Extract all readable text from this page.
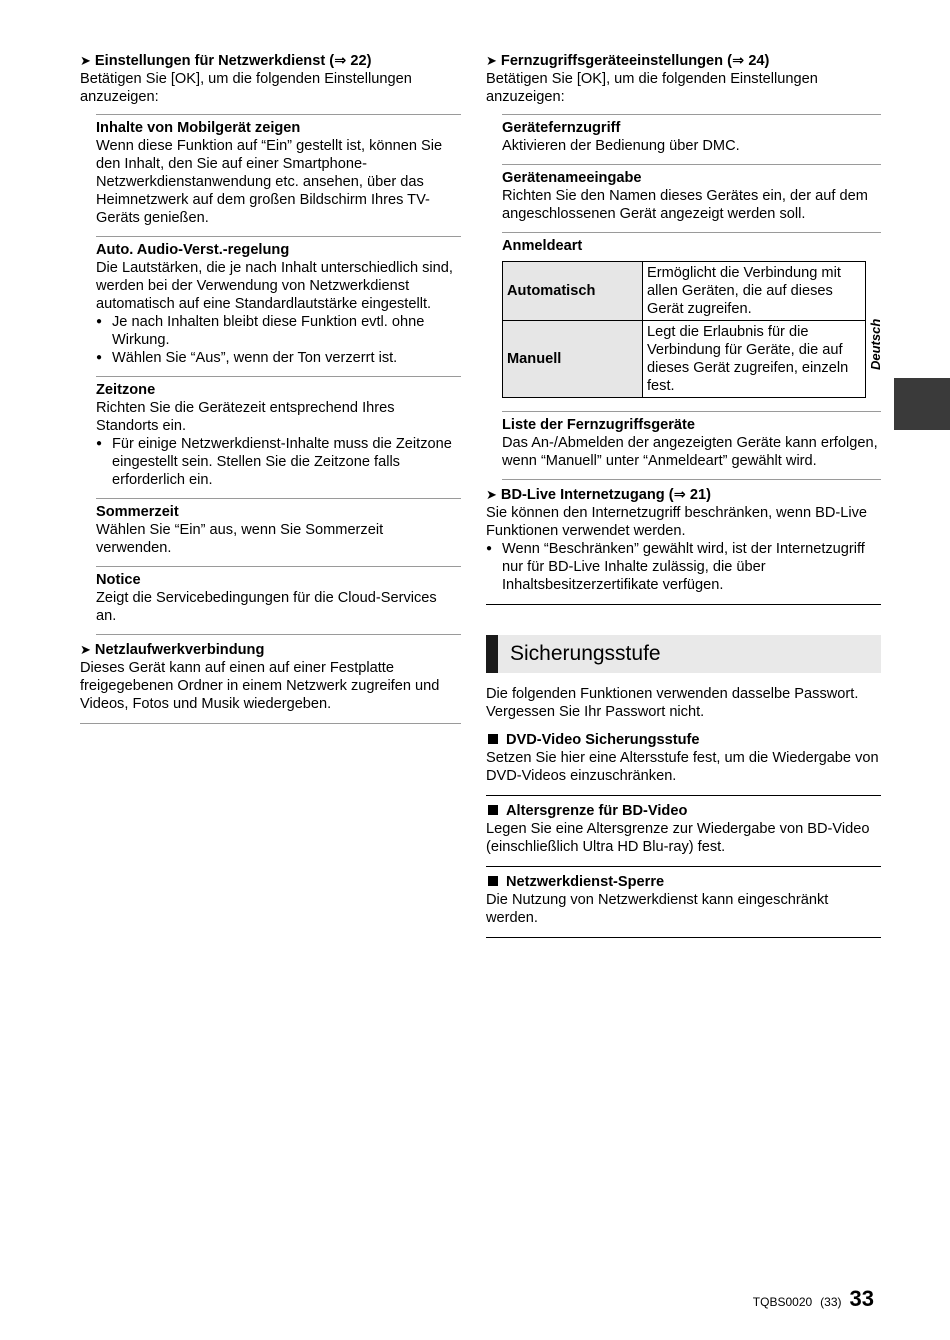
➤ Einstellungen für Netzwerkdienst (⇒ 22)

Betätigen Sie [OK], um die folgenden Einstellungen anzuzeigen:

Inhalte von Mobilgerät zeigen

Wenn diese Funktion auf “Ein” gestellt ist, können Sie den Inhalt, den Sie auf einer Smartphone-Netzwerkdienstanwendung etc. ansehen, über das Heimnetzwerk auf dem großen Bildschirm Ihres TV-Geräts genießen.

Auto. Audio-Verst.-regelung

Die Lautstärken, die je nach Inhalt unterschiedlich sind, werden bei der Verwendung von Netzwerkdienst automatisch auf eine Standardlautstärke eingestellt.

● Je nach Inhalten bleibt diese Funktion evtl. ohne Wirkung.
● Wählen Sie “Aus”, wenn der Ton verzerrt ist.
Zeitzone

Richten Sie die Gerätezeit entsprechend Ihres Standorts ein.

● Für einige Netzwerkdienst-Inhalte muss die Zeitzone eingestellt sein. Stellen Sie die Zeitzone falls erforderlich ein.
Sommerzeit

Wählen Sie “Ein” aus, wenn Sie Sommerzeit verwenden.

Notice

Zeigt die Servicebedingungen für die Cloud-Services an.

➤ Netzlaufwerkverbindung

Dieses Gerät kann auf einen auf einer Festplatte freigegebenen Ordner in einem Netzwerk zugreifen und Videos, Fotos und Musik wiedergeben.

➤ Fernzugriffsgeräteeinstellungen (⇒ 24)

Betätigen Sie [OK], um die folgenden Einstellungen anzuzeigen:

Gerätefernzugriff

Aktivieren der Bedienung über DMC.

Gerätenameeingabe

Richten Sie den Namen dieses Gerätes ein, der auf dem angeschlossenen Gerät angezeigt werden soll.

Anmeldeart
Automatisch	Ermöglicht die Verbindung mit allen Geräten, die auf dieses Gerät zugreifen.
Manuell	Legt die Erlaubnis für die Verbindung für Geräte, die auf dieses Gerät zugreifen, einzeln fest.
Liste der Fernzugriffsgeräte

Das An-/Abmelden der angezeigten Geräte kann erfolgen, wenn “Manuell” unter “Anmeldeart” gewählt wird.

➤ BD-Live Internetzugang (⇒ 21)

Sie können den Internetzugriff beschränken, wenn BD-Live Funktionen verwendet werden.

● Wenn “Beschränken” gewählt wird, ist der Internetzugriff nur für BD-Live Inhalte zulässig, die über Inhaltsbesitzerzertifikate verfügen.
Sicherungsstufe

Die folgenden Funktionen verwenden dasselbe Passwort.

Vergessen Sie Ihr Passwort nicht.

DVD-Video Sicherungsstufe

Setzen Sie hier eine Altersstufe fest, um die Wiedergabe von DVD-Videos einzuschränken.

Altersgrenze für BD-Video

Legen Sie eine Altersgrenze zur Wiedergabe von BD-Video (einschließlich Ultra HD Blu-ray) fest.

Netzwerkdienst-Sperre

Die Nutzung von Netzwerkdienst kann eingeschränkt werden.

Deutsch
TQBS0020 (33) 33
